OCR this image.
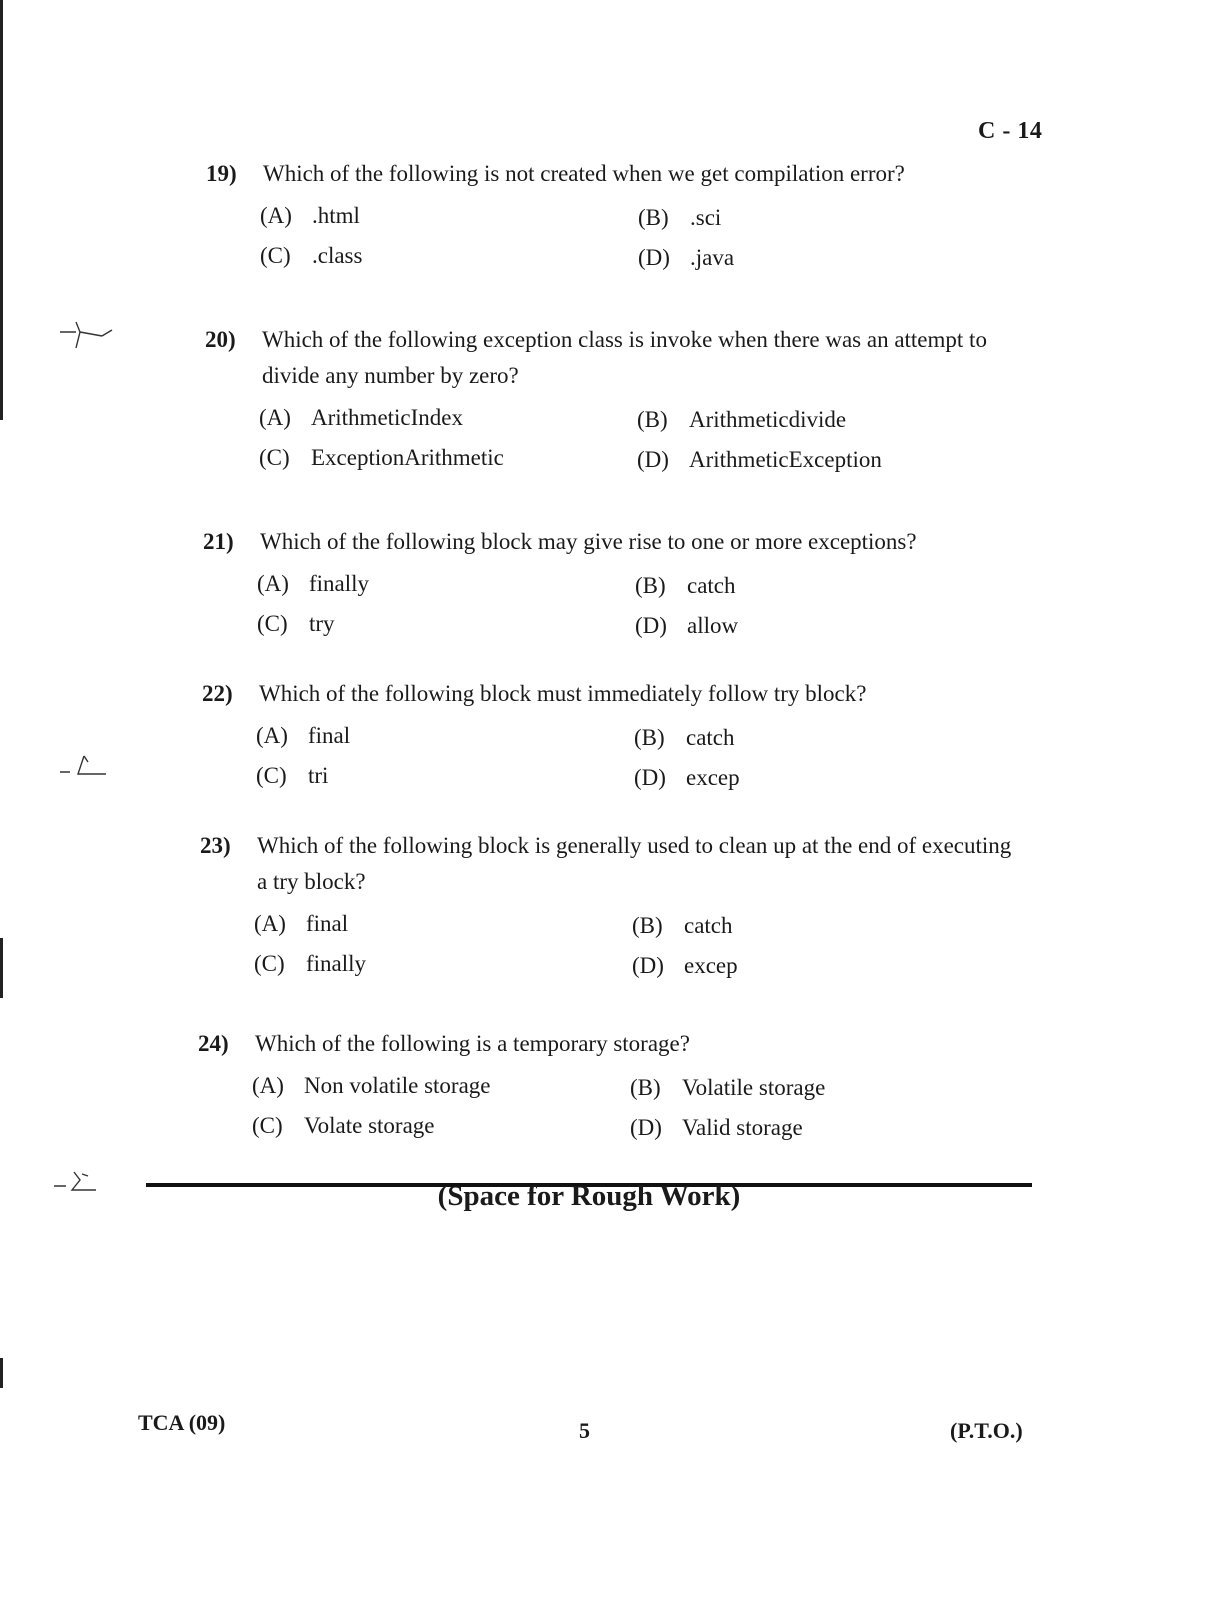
C - 14
19) Which of the following is not created when we get compilation error?
(A) .html	(B) .sci
(C) .class	(D) .java
20) Which of the following exception class is invoke when there was an attempt to divide any number by zero?
(A) ArithmeticIndex	(B) Arithmeticdivide
(C) ExceptionArithmetic	(D) ArithmeticException
21) Which of the following block may give rise to one or more exceptions?
(A) finally	(B) catch
(C) try	(D) allow
22) Which of the following block must immediately follow try block?
(A) final	(B) catch
(C) tri	(D) excep
23) Which of the following block is generally used to clean up at the end of executing a try block?
(A) final	(B) catch
(C) finally	(D) excep
24) Which of the following is a temporary storage?
(A) Non volatile storage	(B) Volatile storage
(C) Volate storage	(D) Valid storage
(Space for Rough Work)
TCA (09)	5	(P.T.O.)
